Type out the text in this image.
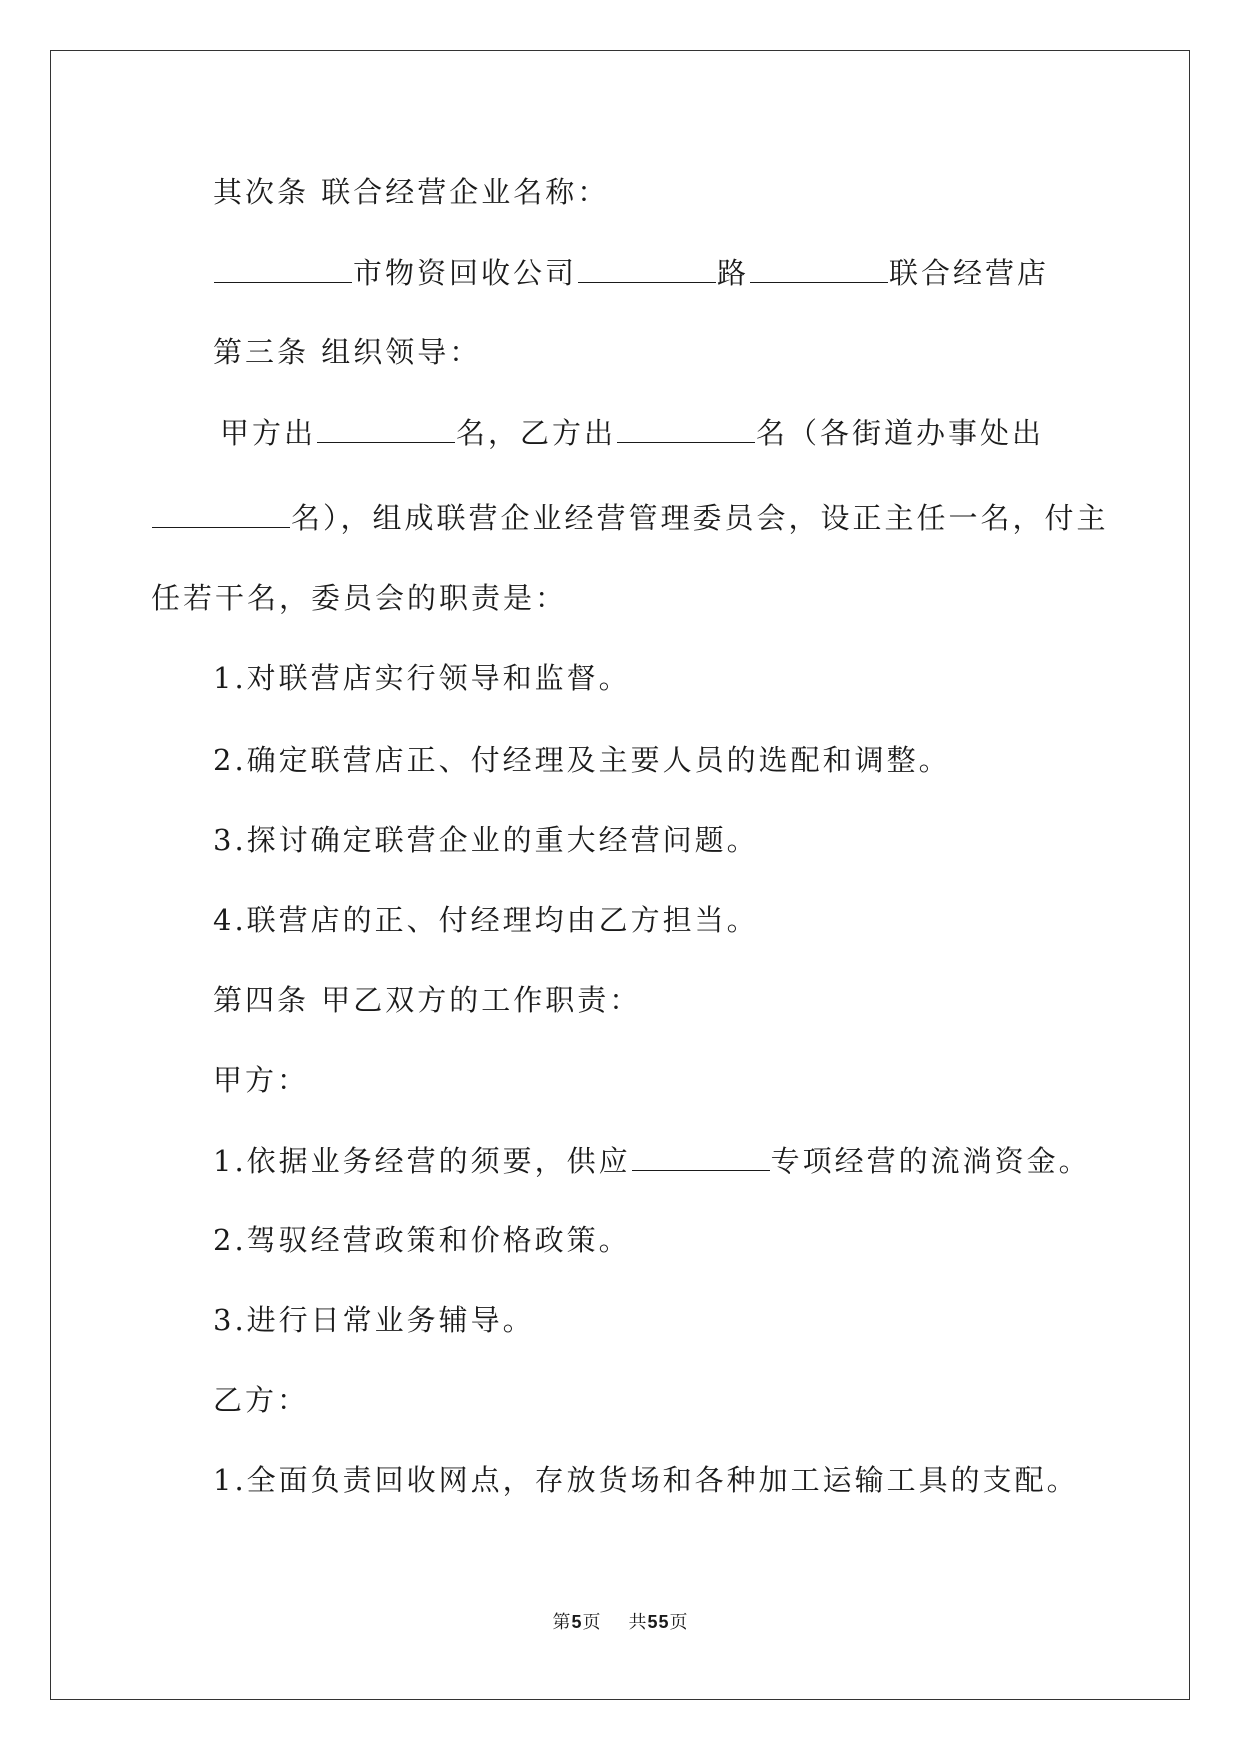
其次条 联合经营企业名称：
市物资回收公司	路	联合经营店
第三条 组织领导：
甲方出	名，乙方出	名（各街道办事处出
名），组成联营企业经营管理委员会，设正主任一名，付主
任若干名，委员会的职责是：
1.对联营店实行领导和监督。
2.确定联营店正、付经理及主要人员的选配和调整。
3.探讨确定联营企业的重大经营问题。
4.联营店的正、付经理均由乙方担当。
第四条 甲乙双方的工作职责：
甲方：
1.依据业务经营的须要，供应	专项经营的流淌资金。
2.驾驭经营政策和价格政策。
3.进行日常业务辅导。
乙方：
1.全面负责回收网点，存放货场和各种加工运输工具的支配。
第5页 共55页
